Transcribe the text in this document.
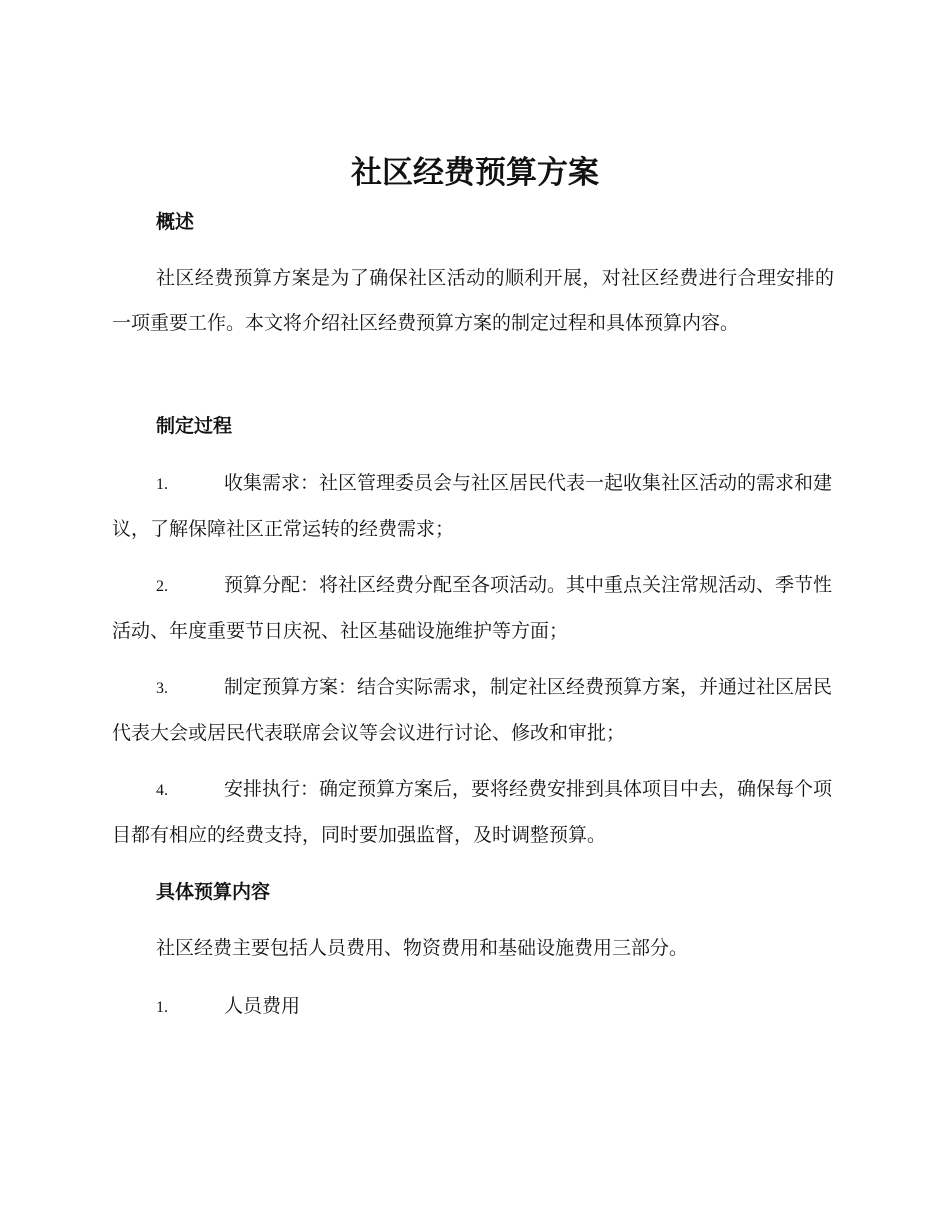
社区经费预算方案
概述

社区经费预算方案是为了确保社区活动的顺利开展，对社区经费进行合理安排的一项重要工作。本文将介绍社区经费预算方案的制定过程和具体预算内容。

制定过程

1.	收集需求：社区管理委员会与社区居民代表一起收集社区活动的需求和建议，了解保障社区正常运转的经费需求；

2.	预算分配：将社区经费分配至各项活动。其中重点关注常规活动、季节性活动、年度重要节日庆祝、社区基础设施维护等方面；

3.	制定预算方案：结合实际需求，制定社区经费预算方案，并通过社区居民代表大会或居民代表联席会议等会议进行讨论、修改和审批；

4.	安排执行：确定预算方案后，要将经费安排到具体项目中去，确保每个项目都有相应的经费支持，同时要加强监督，及时调整预算。

具体预算内容

社区经费主要包括人员费用、物资费用和基础设施费用三部分。

1.	人员费用
